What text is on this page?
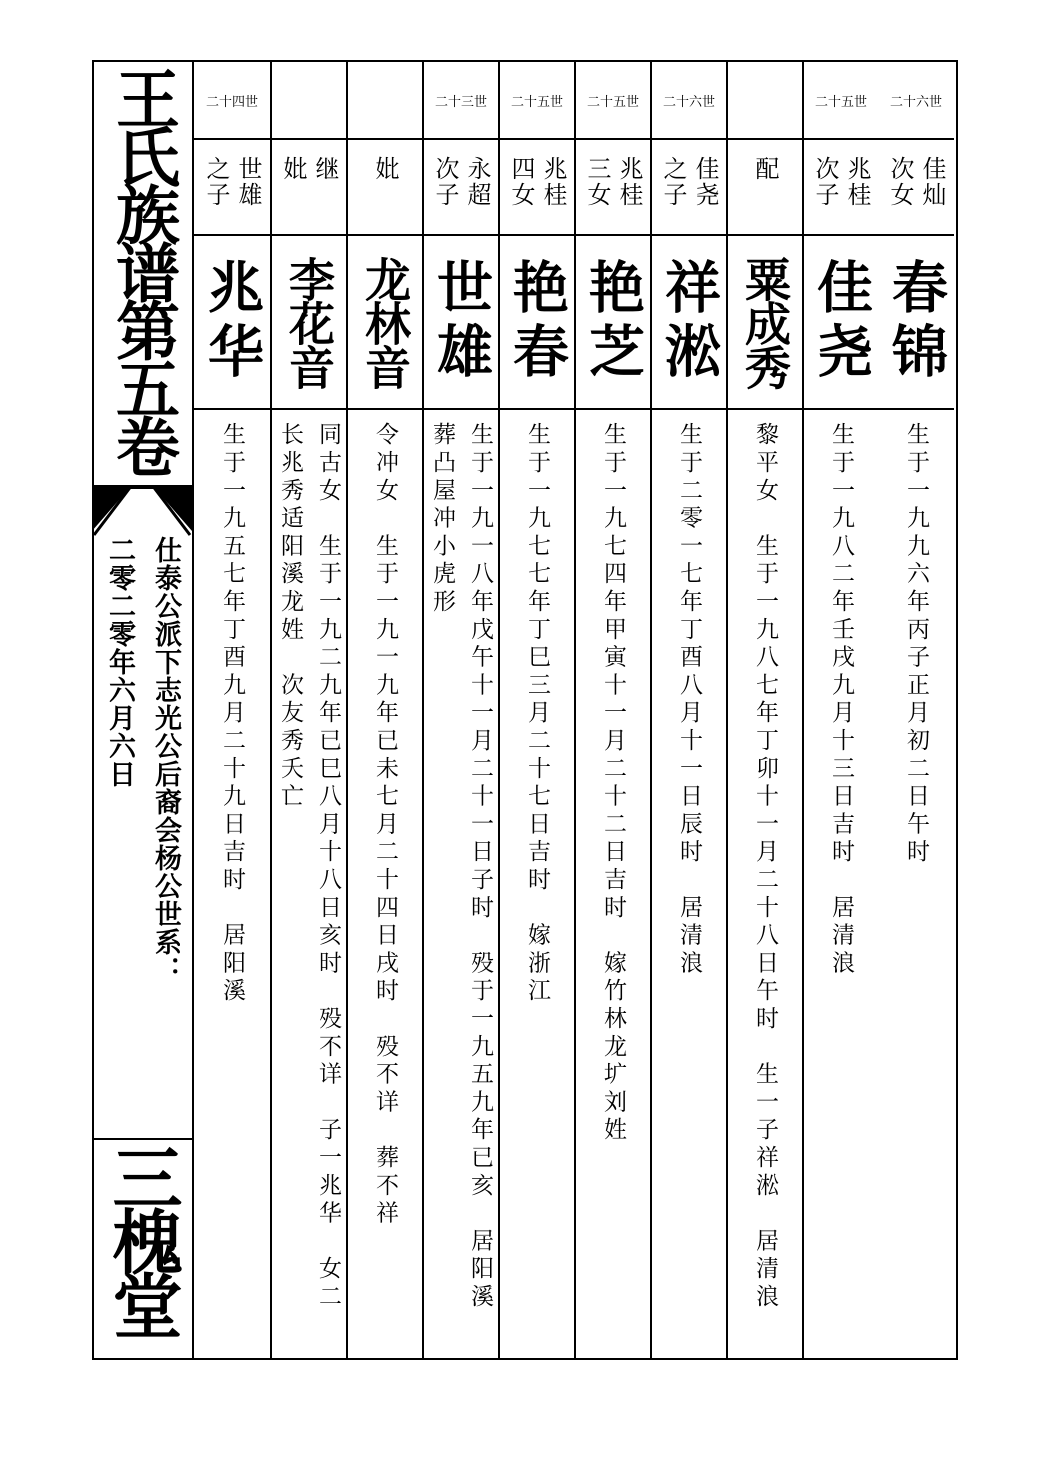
王氏族谱第五卷
仕泰公派下志光公后裔会杨公世系：
二零二零年六月六日
三槐堂
二十六世
佳灿
次女
春锦
生于一九九六年丙子正月初二日午时
二十五世
兆桂
次子
佳尧
生于一九八二年壬戌九月十三日吉时　居清浪
配
粟成秀
黎平女　生于一九八七年丁卯十一月二十八日午时　生一子祥淞　居清浪
二十六世
佳尧
之子
祥淞
生于二零一七年丁酉八月十一日辰时　居清浪
二十五世
兆桂
三女
艳芝
生于一九七四年甲寅十一月二十二日吉时　嫁竹林龙圹刘姓
二十五世
兆桂
四女
艳春
生于一九七七年丁巳三月二十七日吉时　嫁浙江
二十三世
永超
次子
世雄
生于一九一八年戊午十一月二十一日子时　殁于一九五九年已亥　居阳溪
葬凸屋冲小虎形
妣
龙林音
令冲女　生于一九一九年已未七月二十四日戌时　殁不详　葬不祥
继
妣
李花音
同古女　生于一九二九年已巳八月十八日亥时　殁不详　子一兆华　女二
长兆秀适阳溪龙姓　次友秀夭亡
二十四世
世雄
之子
兆华
生于一九五七年丁酉九月二十九日吉时　居阳溪
